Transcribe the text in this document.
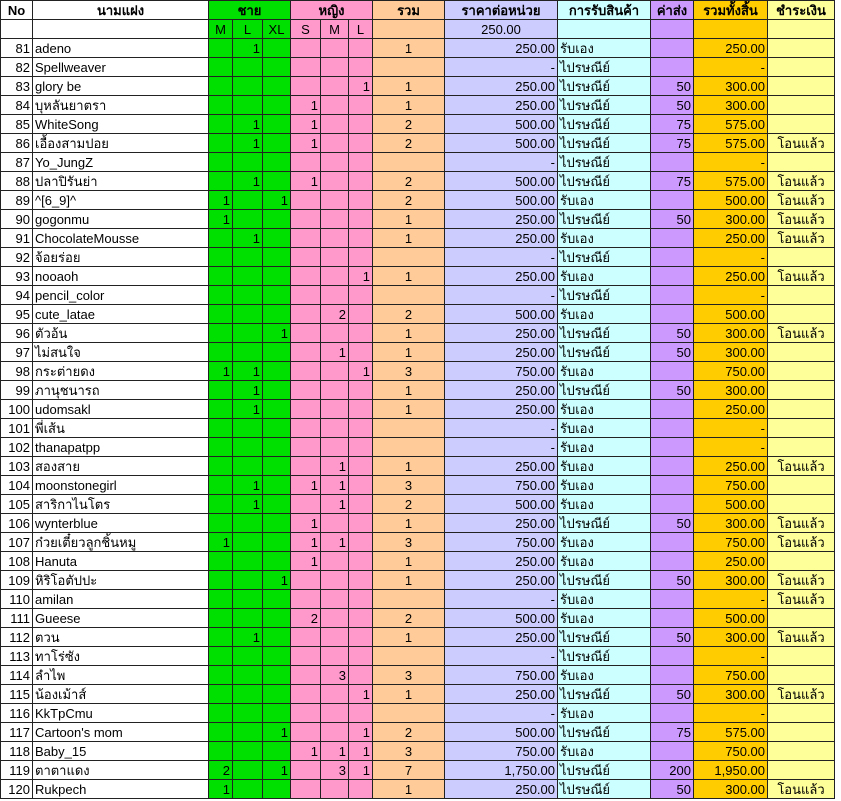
No	นามแฝง	ชาย			หญิง			รวม	ราคาต่อหน่วย	การรับสินค้า	ค่าส่ง	รวมทั้งสิ้น	ชำระเงิน
		M	L	XL	S	M	L		250.00				
81	adeno		1					1	250.00	รับเอง		250.00	
82	Spellweaver								-	ไปรษณีย์		-	
83	glory be						1	1	250.00	ไปรษณีย์	50	300.00	
84	บุหลันยาตรา				1			1	250.00	ไปรษณีย์	50	300.00	
85	WhiteSong		1		1			2	500.00	ไปรษณีย์	75	575.00	
86	เอื้องสามปอย		1		1			2	500.00	ไปรษณีย์	75	575.00	โอนแล้ว
87	Yo_JungZ								-	ไปรษณีย์		-	
88	ปลาปิรันย่า		1		1			2	500.00	ไปรษณีย์	75	575.00	โอนแล้ว
89	^[6_9]^	1		1				2	500.00	รับเอง		500.00	โอนแล้ว
90	gogonmu	1						1	250.00	ไปรษณีย์	50	300.00	โอนแล้ว
91	ChocolateMousse		1					1	250.00	รับเอง		250.00	โอนแล้ว
92	จ้อยร่อย								-	ไปรษณีย์		-	
93	nooaoh						1	1	250.00	รับเอง		250.00	โอนแล้ว
94	pencil_color								-	ไปรษณีย์		-	
95	cute_latae					2		2	500.00	รับเอง		500.00	
96	ตัวอ้น			1				1	250.00	ไปรษณีย์	50	300.00	โอนแล้ว
97	ไม่สนใจ					1		1	250.00	ไปรษณีย์	50	300.00	
98	กระต่ายดง	1	1				1	3	750.00	รับเอง		750.00	
99	ภานุชนารถ		1					1	250.00	ไปรษณีย์	50	300.00	
100	udomsakl		1					1	250.00	รับเอง		250.00	
101	พี่เส้น								-	รับเอง		-	
102	thanapatpp								-	รับเอง		-	
103	สองสาย					1		1	250.00	รับเอง		250.00	โอนแล้ว
104	moonstonegirl		1		1	1		3	750.00	รับเอง		750.00	
105	สาริกาไนโตร		1			1		2	500.00	รับเอง		500.00	
106	wynterblue				1			1	250.00	ไปรษณีย์	50	300.00	โอนแล้ว
107	ก๋วยเตี๋ยวลูกชิ้นหมู	1			1	1		3	750.00	รับเอง		750.00	โอนแล้ว
108	Hanuta				1			1	250.00	รับเอง		250.00	
109	หิริโอตัปปะ			1				1	250.00	ไปรษณีย์	50	300.00	โอนแล้ว
110	amilan								-	รับเอง		-	โอนแล้ว
111	Gueese				2			2	500.00	รับเอง		500.00	
112	ตวน		1					1	250.00	ไปรษณีย์	50	300.00	โอนแล้ว
113	ทาโร่ซัง								-	ไปรษณีย์		-	
114	ลำไพ					3		3	750.00	รับเอง		750.00	
115	น้องเม้าส์						1	1	250.00	ไปรษณีย์	50	300.00	โอนแล้ว
116	KkTpCmu								-	รับเอง		-	
117	Cartoon's mom			1			1	2	500.00	ไปรษณีย์	75	575.00	
118	Baby_15				1	1	1	3	750.00	รับเอง		750.00	
119	ตาตาแดง	2		1		3	1	7	1,750.00	ไปรษณีย์	200	1,950.00	
120	Rukpech	1						1	250.00	ไปรษณีย์	50	300.00	โอนแล้ว
